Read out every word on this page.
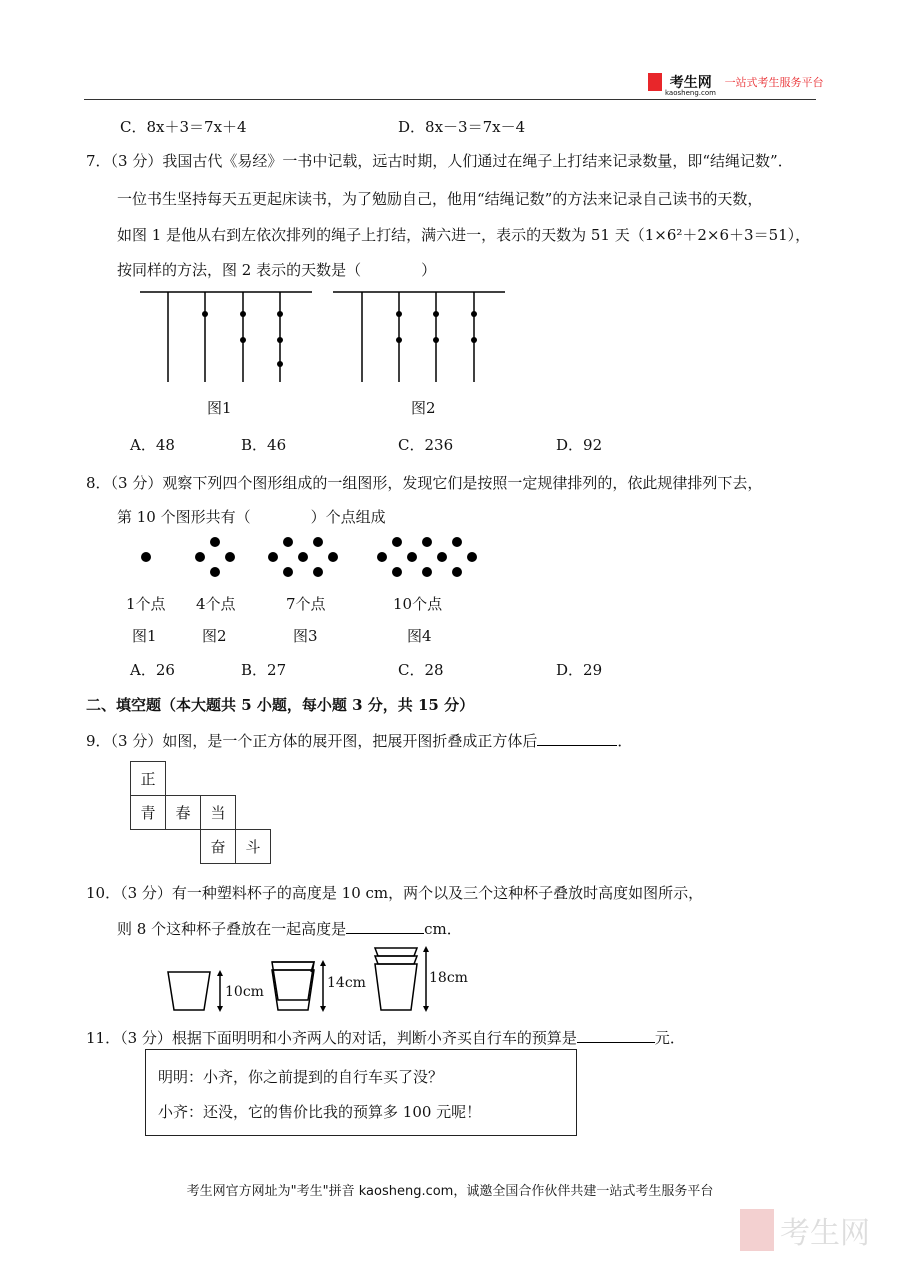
考生网 一站式考生服务平台
kaosheng.com
C．8x＋3＝7x＋4	D．8x－3＝7x－4
7．（3 分）我国古代《易经》一书中记载，远古时期，人们通过在绳子上打结来记录数量，即“结绳记数”．
一位书生坚持每天五更起床读书，为了勉励自己，他用“结绳记数”的方法来记录自己读书的天数，
如图 1 是他从右到左依次排列的绳子上打结，满六进一，表示的天数为 51 天（1×6²＋2×6＋3＝51），
按同样的方法，图 2 表示的天数是（　　　　）
图1	图2
A．48	B．46	C．236	D．92
8．（3 分）观察下列四个图形组成的一组图形，发现它们是按照一定规律排列的，依此规律排列下去，
第 10 个图形共有（　　　　）个点组成
1个点 4个点	7个点	10个点
图1	图2	图3	图4
A．26	B．27	C．28	D．29
二、填空题（本大题共 5 小题，每小题 3 分，共 15 分）
9．（3 分）如图，是一个正方体的展开图，把展开图折叠成正方体后	．
正			
青	春	当	
		奋	斗
10．（3 分）有一种塑料杯子的高度是 10 cm，两个以及三个这种杯子叠放时高度如图所示，
则 8 个这种杯子叠放在一起高度是	cm．
10cm
14cm	18cm
11．（3 分）根据下面明明和小齐两人的对话，判断小齐买自行车的预算是	元．
明明：小齐，你之前提到的自行车买了没？
小齐：还没，它的售价比我的预算多 100 元呢！
考生网官方网址为"考生"拼音 kaosheng.com，诚邀全国合作伙伴共建一站式考生服务平台
考生网
